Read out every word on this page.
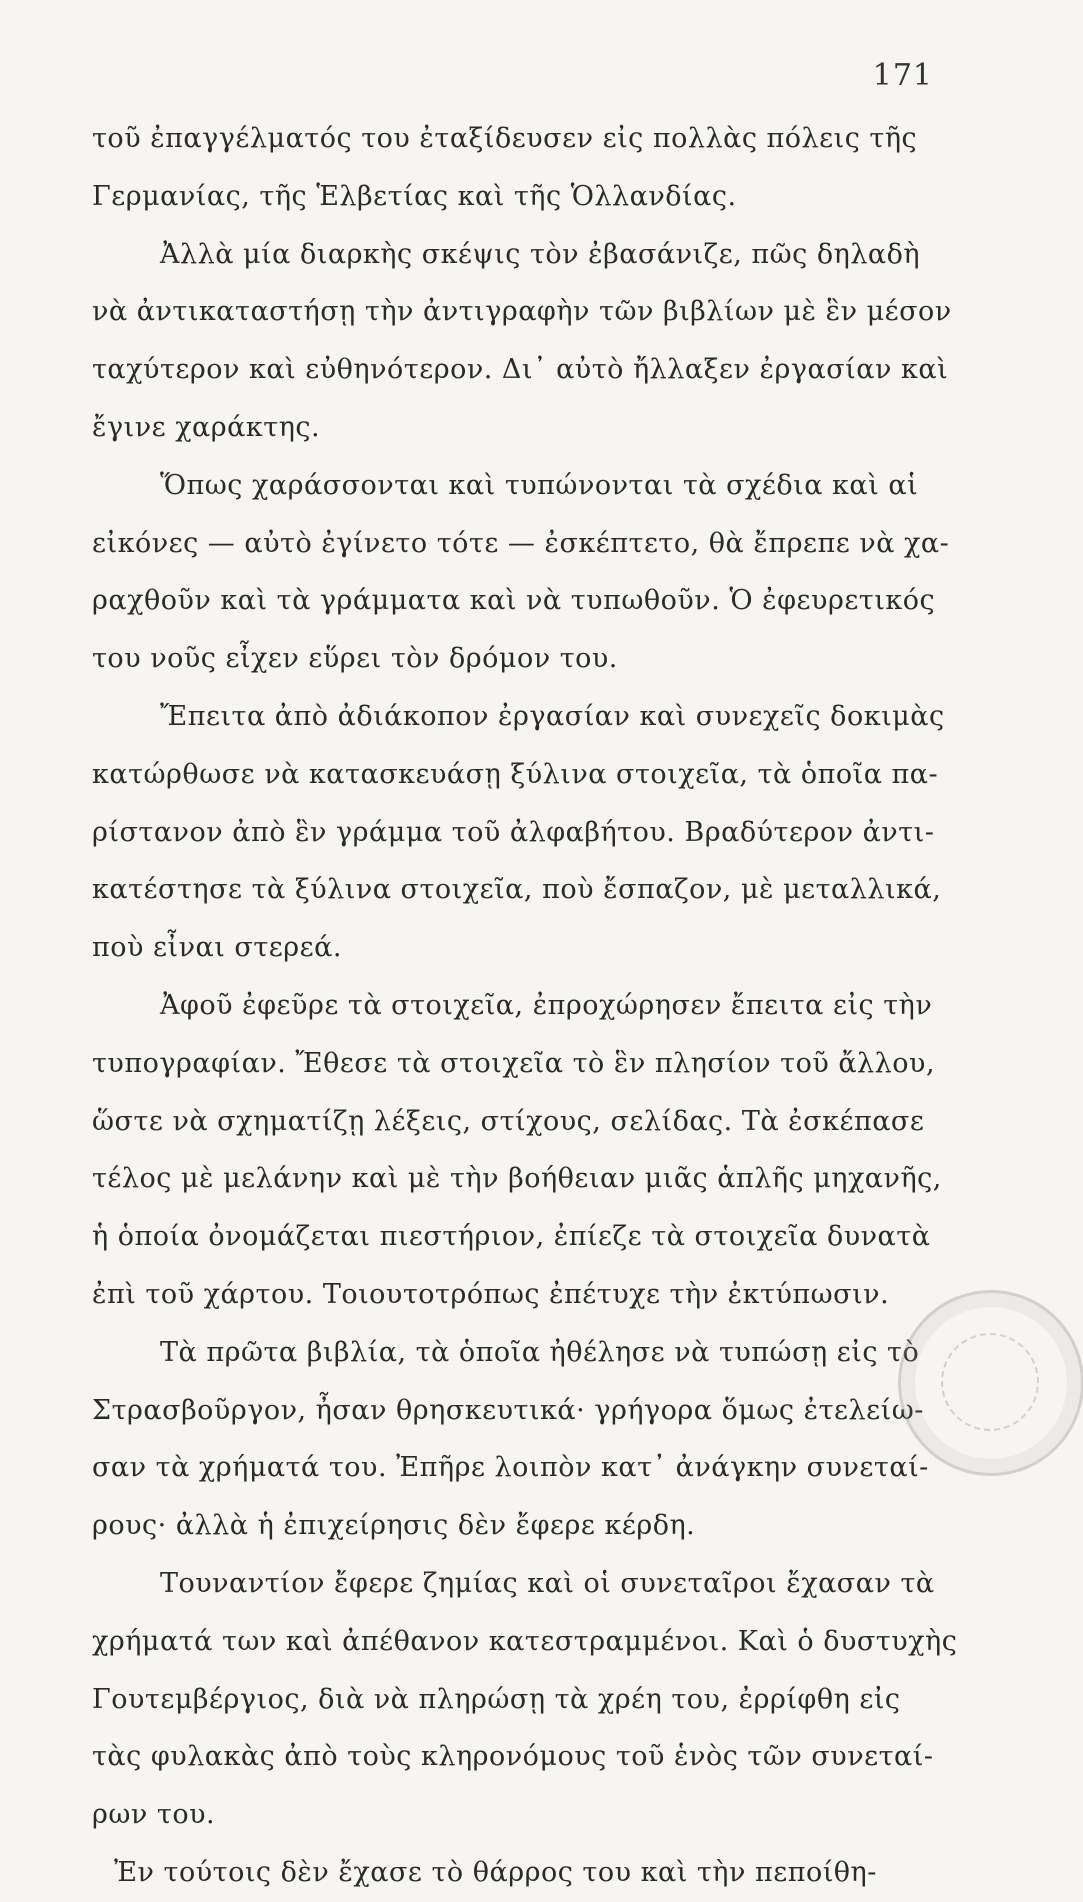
171
τοῦ ἐπαγγέλματός του ἐταξίδευσεν εἰς πολλὰς πόλεις τῆς
Γερμανίας, τῆς Ἑλβετίας καὶ τῆς Ὁλλανδίας.
Ἀλλὰ μία διαρκὴς σκέψις τὸν ἐβασάνιζε, πῶς δηλαδὴ
νὰ ἀντικαταστήσῃ τὴν ἀντιγραφὴν τῶν βιβλίων μὲ ἓν μέσον
ταχύτερον καὶ εὐθηνότερον. Δι᾽ αὐτὸ ἤλλαξεν ἐργασίαν καὶ
ἔγινε χαράκτης.
Ὅπως χαράσσονται καὶ τυπώνονται τὰ σχέδια καὶ αἱ
εἰκόνες — αὐτὸ ἐγίνετο τότε — ἐσκέπτετο, θὰ ἔπρεπε νὰ χα-
ραχθοῦν καὶ τὰ γράμματα καὶ νὰ τυπωθοῦν. Ὁ ἐφευρετικός
του νοῦς εἶχεν εὕρει τὸν δρόμον του.
Ἔπειτα ἀπὸ ἀδιάκοπον ἐργασίαν καὶ συνεχεῖς δοκιμὰς
κατώρθωσε νὰ κατασκευάσῃ ξύλινα στοιχεῖα, τὰ ὁποῖα πα-
ρίστανον ἀπὸ ἓν γράμμα τοῦ ἀλφαβήτου. Βραδύτερον ἀντι-
κατέστησε τὰ ξύλινα στοιχεῖα, ποὺ ἔσπαζον, μὲ μεταλλικά,
ποὺ εἶναι στερεά.
Ἀφοῦ ἐφεῦρε τὰ στοιχεῖα, ἐπροχώρησεν ἔπειτα εἰς τὴν
τυπογραφίαν. Ἔθεσε τὰ στοιχεῖα τὸ ἓν πλησίον τοῦ ἄλλου,
ὥστε νὰ σχηματίζῃ λέξεις, στίχους, σελίδας. Τὰ ἐσκέπασε
τέλος μὲ μελάνην καὶ μὲ τὴν βοήθειαν μιᾶς ἁπλῆς μηχανῆς,
ἡ ὁποία ὀνομάζεται πιεστήριον, ἐπίεζε τὰ στοιχεῖα δυνατὰ
ἐπὶ τοῦ χάρτου. Τοιουτοτρόπως ἐπέτυχε τὴν ἐκτύπωσιν.
Τὰ πρῶτα βιβλία, τὰ ὁποῖα ἠθέλησε νὰ τυπώσῃ εἰς τὸ
Στρασβοῦργον, ἦσαν θρησκευτικά· γρήγορα ὅμως ἐτελείω-
σαν τὰ χρήματά του. Ἐπῆρε λοιπὸν κατ᾽ ἀνάγκην συνεταί-
ρους· ἀλλὰ ἡ ἐπιχείρησις δὲν ἔφερε κέρδη.
Τουναντίον ἔφερε ζημίας καὶ οἱ συνεταῖροι ἔχασαν τὰ
χρήματά των καὶ ἀπέθανον κατεστραμμένοι. Καὶ ὁ δυστυχὴς
Γουτεμβέργιος, διὰ νὰ πληρώσῃ τὰ χρέη του, ἐρρίφθη εἰς
τὰς φυλακὰς ἀπὸ τοὺς κληρονόμους τοῦ ἑνὸς τῶν συνεταί-
ρων του.
Ἐν τούτοις δὲν ἔχασε τὸ θάρρος του καὶ τὴν πεποίθη-
